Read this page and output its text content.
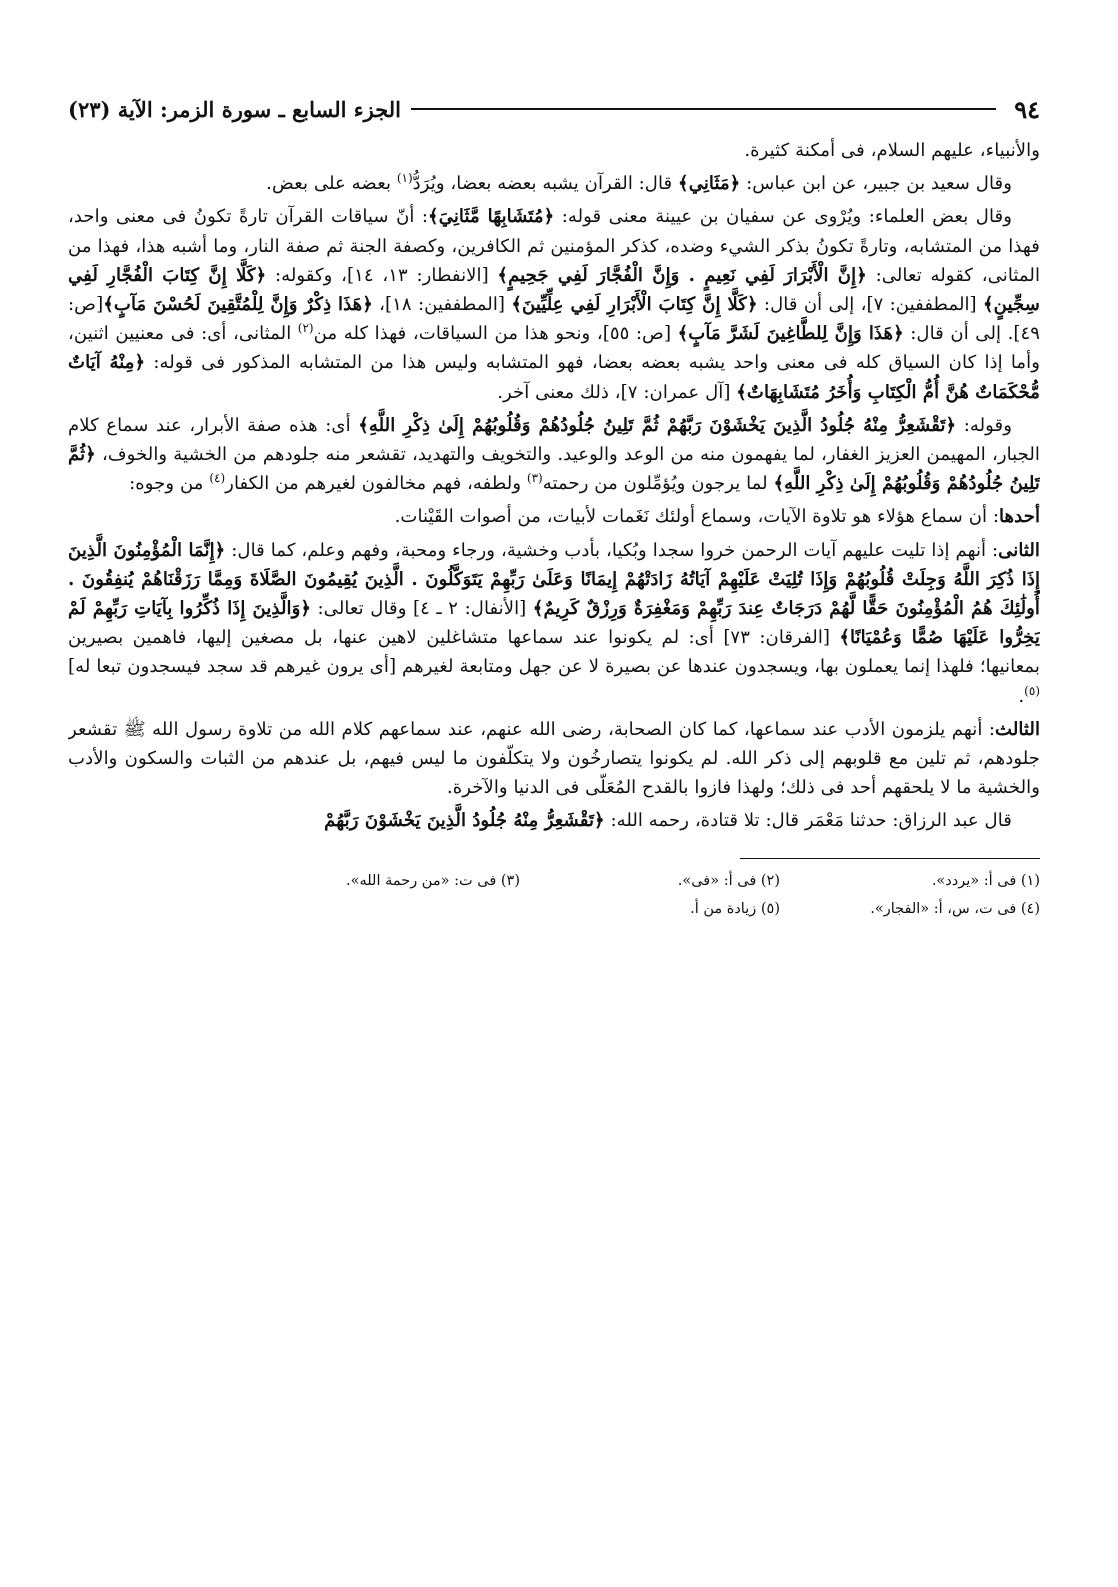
٩٤
الجزء السابع ـ سورة الزمر: الآية (٢٣)

والأنبياء، عليهم السلام، فى أمكنة كثيرة.

وقال سعيد بن جبير، عن ابن عباس: ﴿مَثَانِي﴾ قال: القرآن يشبه بعضه بعضا، ويُرَدُّ$^{(١)}$ بعضه على بعض.

وقال بعض العلماء: ويُرْوى عن سفيان بن عيينة معنى قوله: ﴿مُتَشَابِهًا مَّثَانِيَ﴾: أنّ سياقات القرآن تارةً تكونُ فى معنى واحد، فهذا من المتشابه، وتارةً تكونُ بذكر الشيء وضده، كذكر المؤمنين ثم الكافرين، وكصفة الجنة ثم صفة النار، وما أشبه هذا، فهذا من المثانى، كقوله تعالى: ﴿إِنَّ الْأَبْرَارَ لَفِي نَعِيمٍ . وَإِنَّ الْفُجَّارَ لَفِي جَحِيمٍ﴾ [الانفطار: ١٣، ١٤]، وكقوله: ﴿كَلَّا إِنَّ كِتَابَ الْفُجَّارِ لَفِي سِجِّينٍ﴾ [المطففين: ٧]، إلى أن قال: ﴿كَلَّا إِنَّ كِتَابَ الْأَبْرَارِ لَفِي عِلِّيِّينَ﴾ [المطففين: ١٨]، ﴿هَذَا ذِكْرٌ وَإِنَّ لِلْمُتَّقِينَ لَحُسْنَ مَآبٍ﴾[ص: ٤٩]. إلى أن قال: ﴿هَذَا وَإِنَّ لِلطَّاغِينَ لَشَرَّ مَآبٍ﴾ [ص: ٥٥]، ونحو هذا من السياقات، فهذا كله من$^{(٢)}$ المثانى، أى: فى معنيين اثنين، وأما إذا كان السياق كله فى معنى واحد يشبه بعضه بعضا، فهو المتشابه وليس هذا من المتشابه المذكور فى قوله: ﴿مِنْهُ آيَاتٌ مُّحْكَمَاتٌ هُنَّ أُمُّ الْكِتَابِ وَأُخَرُ مُتَشَابِهَاتٌ﴾ [آل عمران: ٧]، ذلك معنى آخر.

وقوله: ﴿تَقْشَعِرُّ مِنْهُ جُلُودُ الَّذِينَ يَخْشَوْنَ رَبَّهُمْ ثُمَّ تَلِينُ جُلُودُهُمْ وَقُلُوبُهُمْ إِلَىٰ ذِكْرِ اللَّهِ﴾ أى: هذه صفة الأبرار، عند سماع كلام الجبار، المهيمن العزيز الغفار، لما يفهمون منه من الوعد والوعيد. والتخويف والتهديد، تقشعر منه جلودهم من الخشية والخوف، ﴿ثُمَّ تَلِينُ جُلُودُهُمْ وَقُلُوبُهُمْ إِلَىٰ ذِكْرِ اللَّهِ﴾ لما يرجون ويُؤمِّلون من رحمته$^{(٣)}$ ولطفه، فهم مخالفون لغيرهم من الكفار$^{(٤)}$ من وجوه:

أحدها: أن سماع هؤلاء هو تلاوة الآيات، وسماع أولئك نَغَمات لأبيات، من أصوات القَيْنات.

الثانى: أنهم إذا تليت عليهم آيات الرحمن خروا سجدا وبُكيا، بأدب وخشية، ورجاء ومحبة، وفهم وعلم، كما قال: ﴿إِنَّمَا الْمُؤْمِنُونَ الَّذِينَ إِذَا ذُكِرَ اللَّهُ وَجِلَتْ قُلُوبُهُمْ وَإِذَا تُلِيَتْ عَلَيْهِمْ آيَاتُهُ زَادَتْهُمْ إِيمَانًا وَعَلَىٰ رَبِّهِمْ يَتَوَكَّلُونَ . الَّذِينَ يُقِيمُونَ الصَّلَاةَ وَمِمَّا رَزَقْنَاهُمْ يُنفِقُونَ . أُولَٰئِكَ هُمُ الْمُؤْمِنُونَ حَقًّا لَّهُمْ دَرَجَاتٌ عِندَ رَبِّهِمْ وَمَغْفِرَةٌ وَرِزْقٌ كَرِيمٌ﴾ [الأنفال: ٢ ـ ٤] وقال تعالى: ﴿وَالَّذِينَ إِذَا ذُكِّرُوا بِآيَاتِ رَبِّهِمْ لَمْ يَخِرُّوا عَلَيْهَا صُمًّا وَعُمْيَانًا﴾ [الفرقان: ٧٣] أى: لم يكونوا عند سماعها متشاغلين لاهين عنها، بل مصغين إليها، فاهمين بصيرين بمعانيها؛ فلهذا إنما يعملون بها، ويسجدون عندها عن بصيرة لا عن جهل ومتابعة لغيرهم [أى يرون غيرهم قد سجد فيسجدون تبعا له]$^{(٥)}$.

الثالث: أنهم يلزمون الأدب عند سماعها، كما كان الصحابة، رضى الله عنهم، عند سماعهم كلام الله من تلاوة رسول الله ﷺ تقشعر جلودهم، ثم تلين مع قلوبهم إلى ذكر الله. لم يكونوا يتصارخُون ولا يتكلّفون ما ليس فيهم، بل عندهم من الثبات والسكون والأدب والخشية ما لا يلحقهم أحد فى ذلك؛ ولهذا فازوا بالقدح المُعَلّى فى الدنيا والآخرة.

قال عبد الرزاق: حدثنا مَعْمَر قال: تلا قتادة، رحمه الله: ﴿تَقْشَعِرُّ مِنْهُ جُلُودُ الَّذِينَ يَخْشَوْنَ رَبَّهُمْ

(١) فى أ: «يردد».
(٢) فى أ: «فى».
(٣) فى ت: «من رحمة الله».
(٤) فى ت، س، أ: «الفجار».
(٥) زيادة من أ.
